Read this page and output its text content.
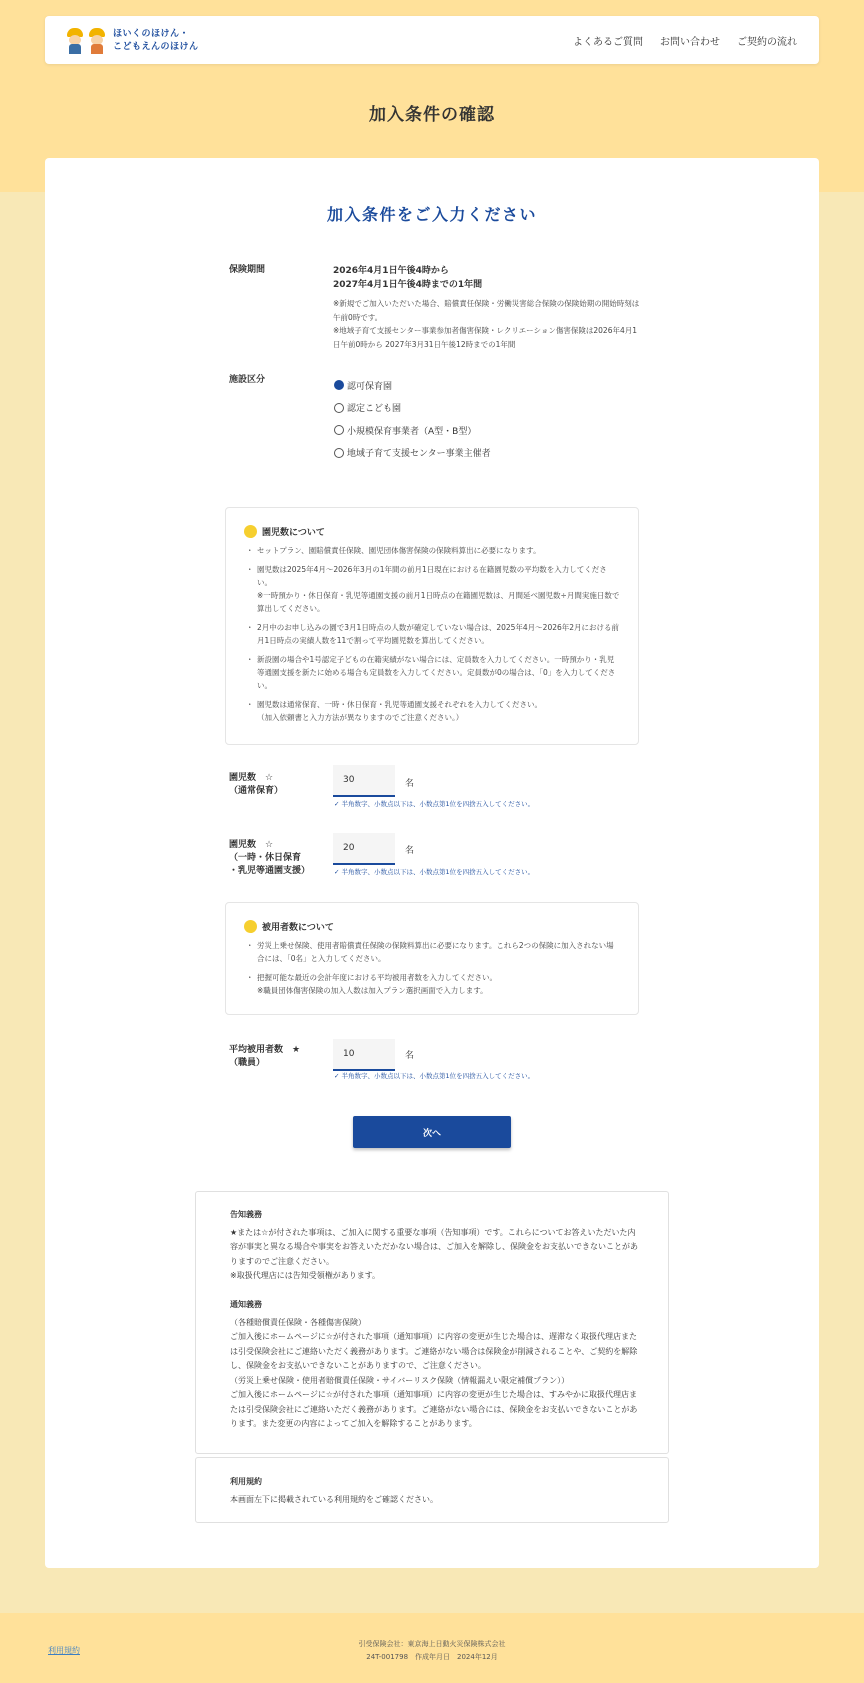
ほいくのほけん・
こどもえんのほけん	よくあるご質問 お問い合わせ ご契約の流れ
加入条件の確認
加入条件をご入力ください
保険期間	2026年4月1日午後4時から
2027年4月1日午後4時までの1年間
※新規でご加入いただいた場合、賠償責任保険・労働災害総合保険の保険始期の開始時刻は午前0時です。
※地域子育て支援センター事業参加者傷害保険・レクリエーション傷害保険は2026年4月1日午前0時から 2027年3月31日午後12時までの1年間
施設区分
認可保育園
認定こども園
小規模保育事業者（A型・B型）
地域子育て支援センター事業主催者
園児数について
・ セットプラン、園賠償責任保険、園児団体傷害保険の保険料算出に必要になります。
・ 園児数は2025年4月～2026年3月の1年間の前月1日現在における在籍園児数の平均数を入力してください。
※一時預かり・休日保育・乳児等通園支援の前月1日時点の在籍園児数は、月間延べ園児数÷月間実施日数で算出してください。
・ 2月中のお申し込みの園で3月1日時点の人数が確定していない場合は、2025年4月～2026年2月における前月1日時点の実績人数を11で割って平均園児数を算出してください。
・ 新設園の場合や1号認定子どもの在籍実績がない場合には、定員数を入力してください。一時預かり・乳児等通園支援を新たに始める場合も定員数を入力してください。定員数が0の場合は、「0」を入力してください。
・ 園児数は通常保育、一時・休日保育・乳児等通園支援それぞれを入力してください。
（加入依頼書と入力方法が異なりますのでご注意ください。）
園児数　☆
（通常保育）
30
名
✓ 半角数字、小数点以下は、小数点第1位を四捨五入してください。
園児数　☆
（一時・休日保育
・乳児等通園支援）
20
名
✓ 半角数字、小数点以下は、小数点第1位を四捨五入してください。
被用者数について
・ 労災上乗せ保険、使用者賠償責任保険の保険料算出に必要になります。これら2つの保険に加入されない場合には、「0名」と入力してください。
・ 把握可能な最近の会計年度における平均被用者数を入力してください。
※職員団体傷害保険の加入人数は加入プラン選択画面で入力します。
平均被用者数　★
（職員）
10
名
✓ 半角数字、小数点以下は、小数点第1位を四捨五入してください。
次へ
告知義務
★または☆が付された事項は、ご加入に関する重要な事項（告知事項）です。これらについてお答えいただいた内容が事実と異なる場合や事実をお答えいただかない場合は、ご加入を解除し、保険金をお支払いできないことがありますのでご注意ください。
※取扱代理店には告知受領権があります。
通知義務
（各種賠償責任保険・各種傷害保険）
ご加入後にホームページに☆が付された事項（通知事項）に内容の変更が生じた場合は、遅滞なく取扱代理店または引受保険会社にご連絡いただく義務があります。ご連絡がない場合は保険金が削減されることや、ご契約を解除し、保険金をお支払いできないことがありますので、ご注意ください。
（労災上乗せ保険・使用者賠償責任保険・サイバーリスク保険（情報漏えい限定補償プラン））
ご加入後にホームページに☆が付された事項（通知事項）に内容の変更が生じた場合は、すみやかに取扱代理店または引受保険会社にご連絡いただく義務があります。ご連絡がない場合には、保険金をお支払いできないことがあります。また変更の内容によってご加入を解除することがあります。
利用規約
本画面左下に掲載されている利用規約をご確認ください。
利用規約
引受保険会社：東京海上日動火災保険株式会社
24T-001798　作成年月日　2024年12月
